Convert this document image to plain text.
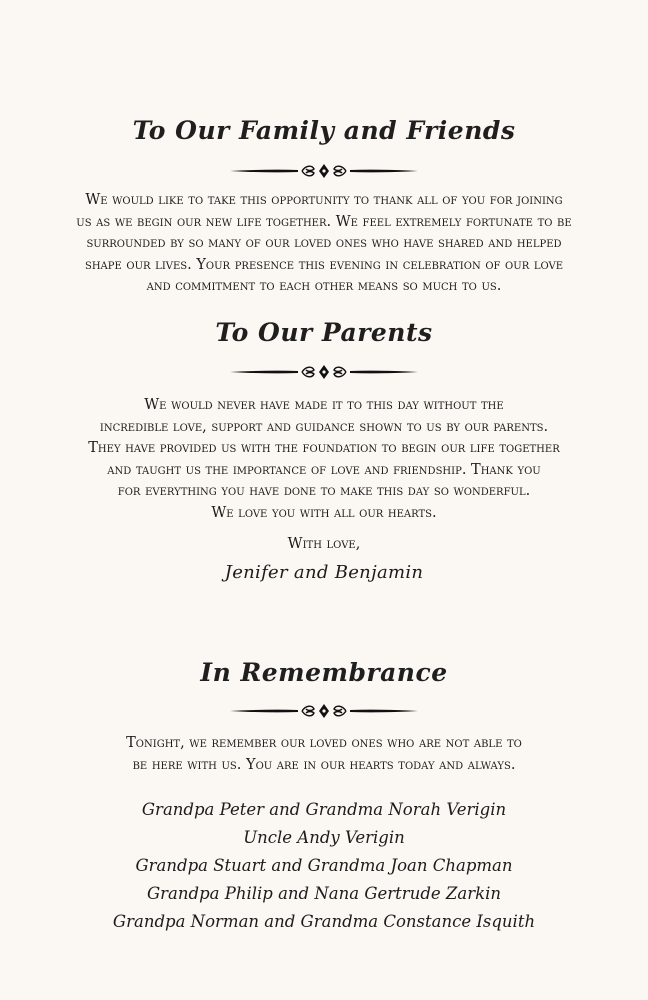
To Our Family and Friends

We would like to take this opportunity to thank all of you for joining
us as we begin our new life together. We feel extremely fortunate to be
surrounded by so many of our loved ones who have shared and helped
shape our lives. Your presence this evening in celebration of our love
and commitment to each other means so much to us.

To Our Parents

We would never have made it to this day without the
incredible love, support and guidance shown to us by our parents.
They have provided us with the foundation to begin our life together
and taught us the importance of love and friendship. Thank you
for everything you have done to make this day so wonderful.
We love you with all our hearts.

With love,

Jenifer and Benjamin

In Remembrance

Tonight, we remember our loved ones who are not able to
be here with us. You are in our hearts today and always.

Grandpa Peter and Grandma Norah Verigin
Uncle Andy Verigin
Grandpa Stuart and Grandma Joan Chapman
Grandpa Philip and Nana Gertrude Zarkin
Grandpa Norman and Grandma Constance Isquith
